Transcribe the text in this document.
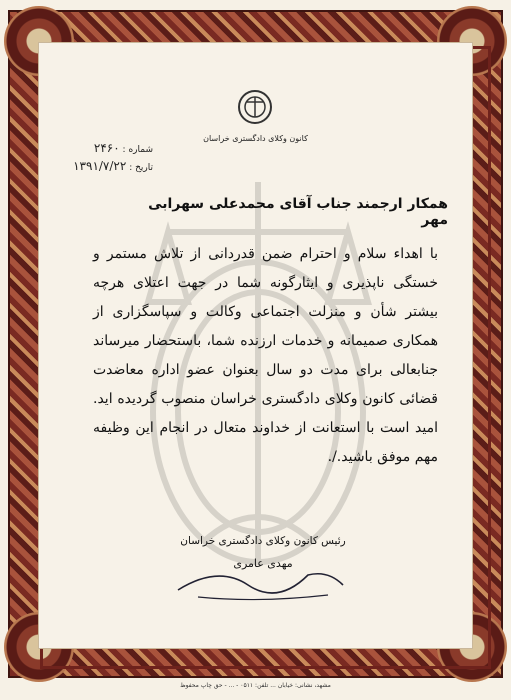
کانون وکلای دادگستری خراسان
شماره : ۲۴۶۰
تاریخ : ۱۳۹۱/۷/۲۲
همکار ارجمند جناب آقای محمدعلی سهرابی مهر
با اهداء سلام و احترام ضمن قدردانی از تلاش مستمر و خستگی ناپذیری و ایثارگونه شما در جهت اعتلای هرچه بیشتر شأن و منزلت اجتماعی وکالت و سپاسگزاری از همکاری صمیمانه و خدمات ارزنده شما، باستحضار میرساند جنابعالی برای مدت دو سال بعنوان عضو اداره معاضدت قضائی کانون وکلای دادگستری خراسان منصوب گردیده اید. امید است با استعانت از خداوند متعال در انجام این وظیفه مهم موفق باشید./.
رئیس کانون وکلای دادگستری خراسان
مهدی عامری
مشهد، نشانی: خیابان ... تلفن: ۰۵۱۱ - ... - حق چاپ محفوظ
